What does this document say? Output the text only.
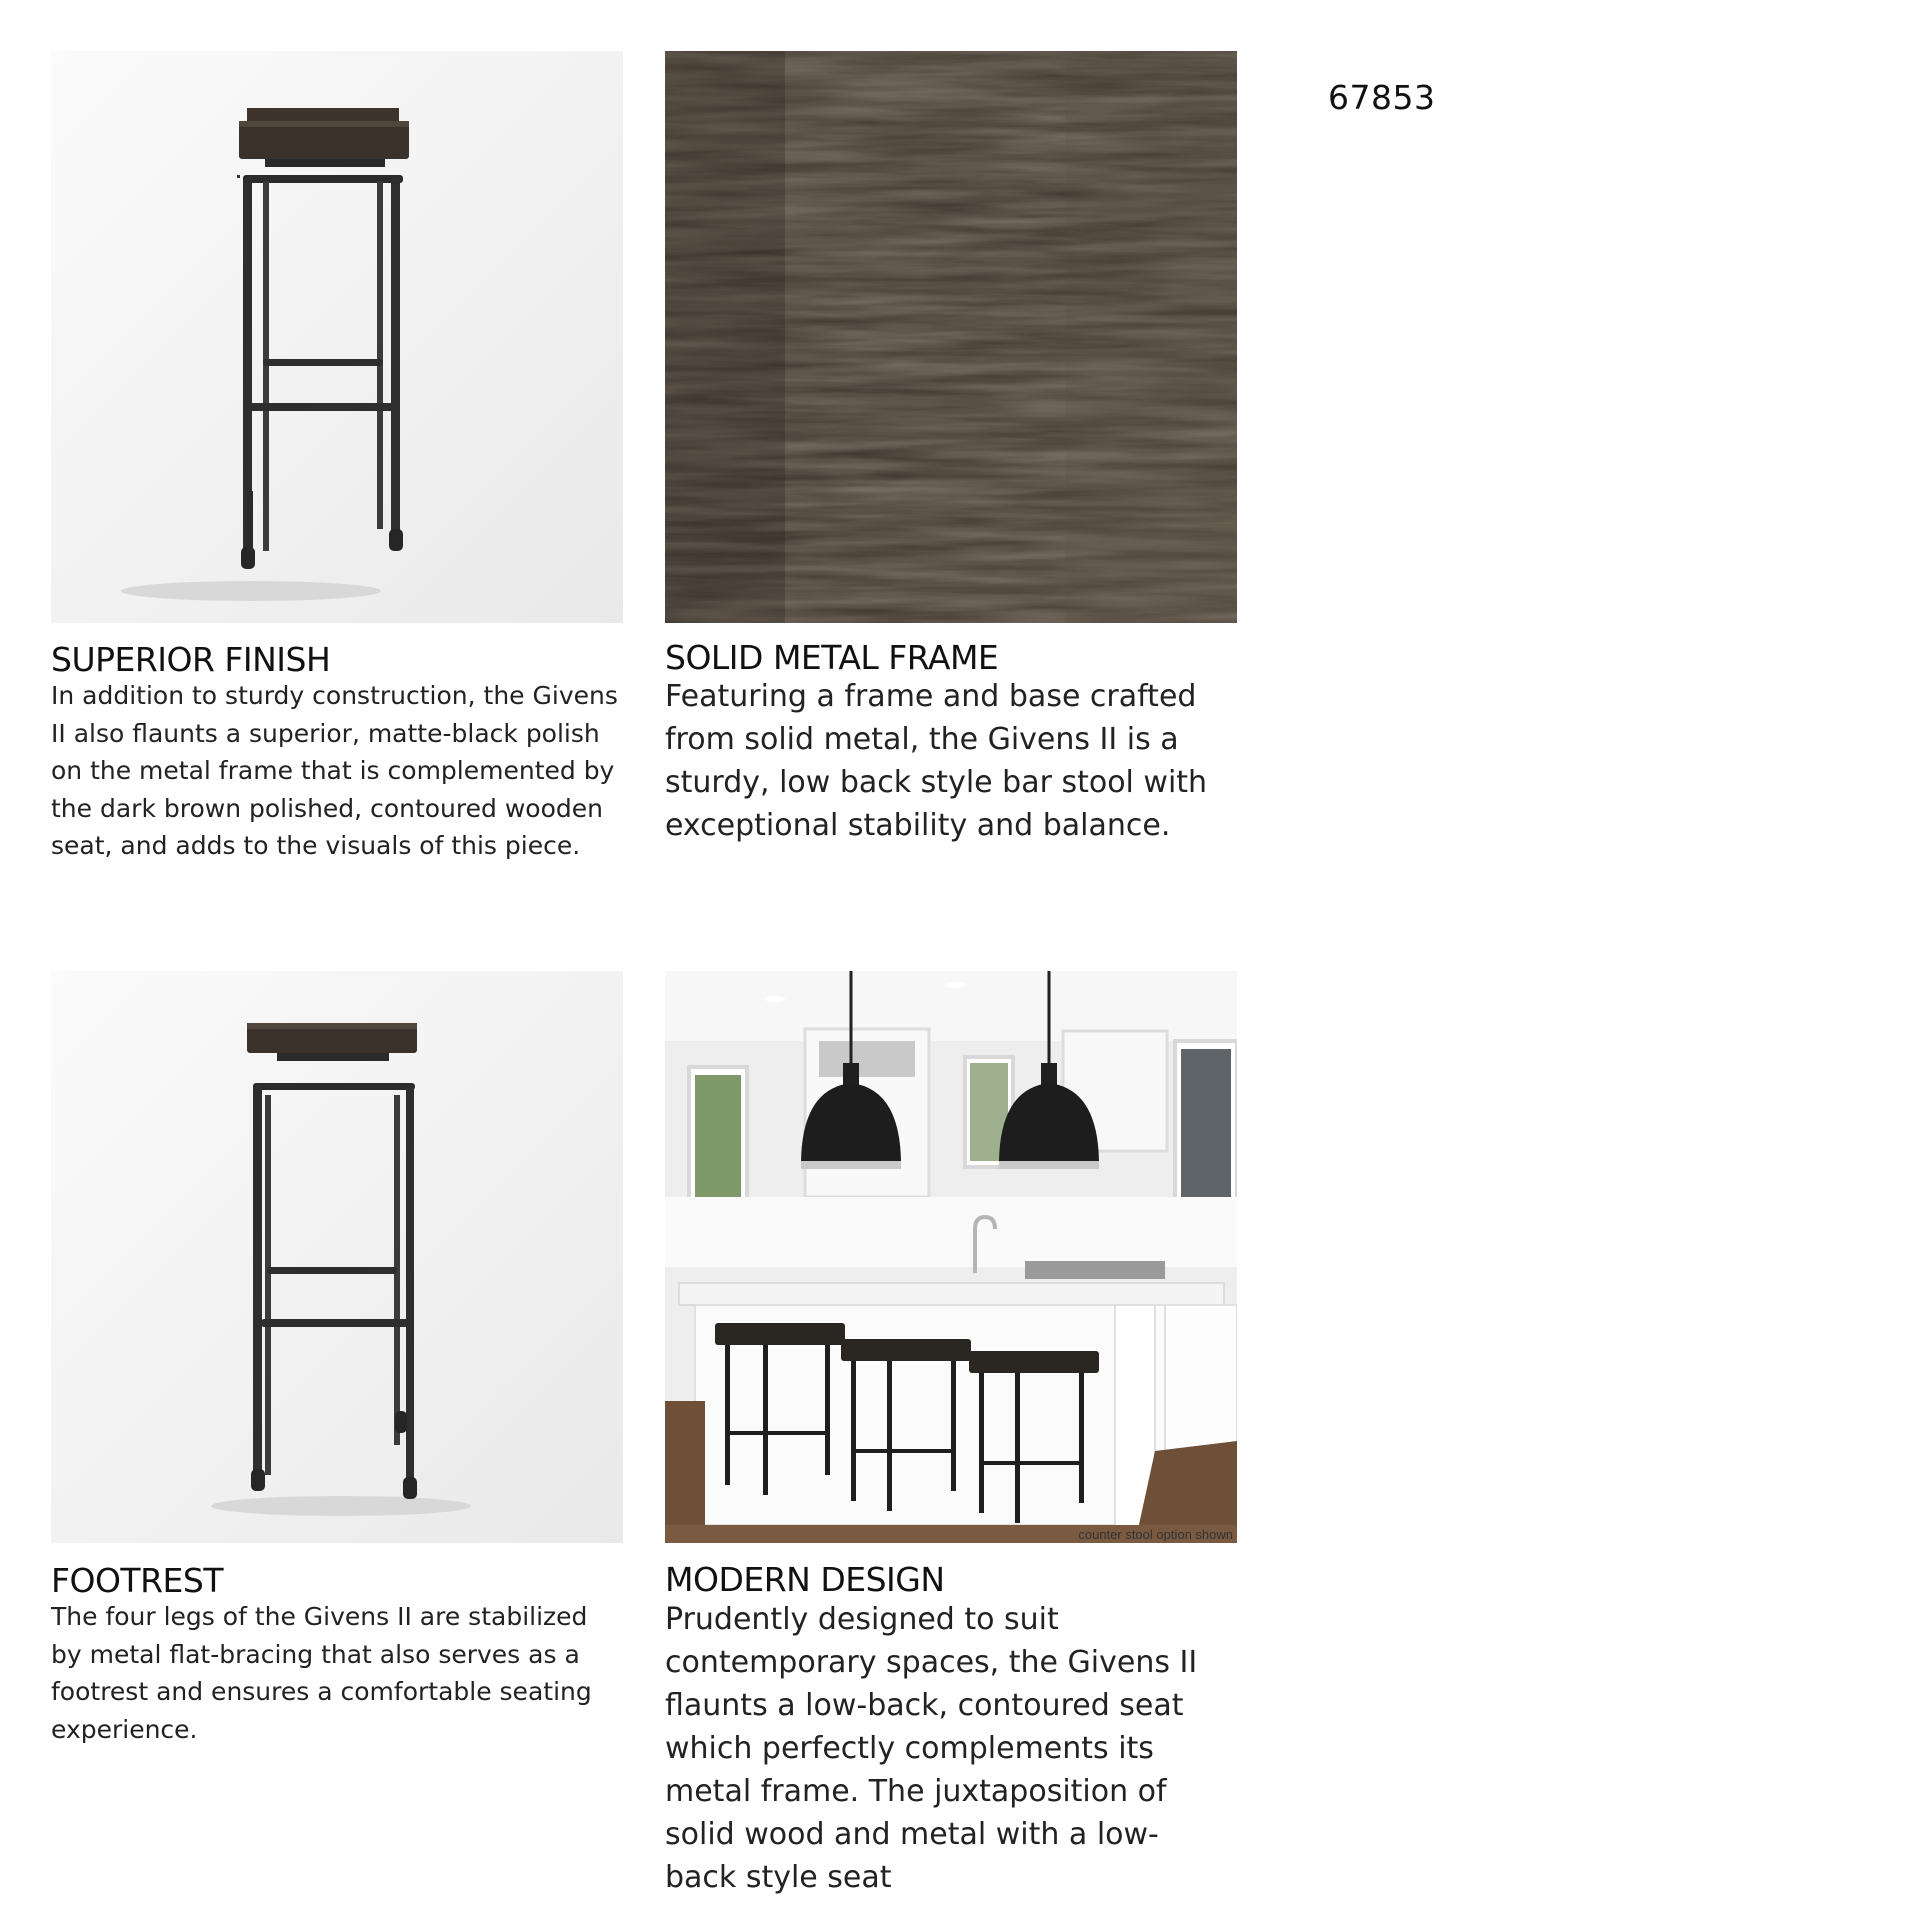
67853
SUPERIOR FINISH

In addition to sturdy construction, the Givens II also flaunts a superior, matte-black polish on the metal frame that is complemented by the dark brown polished, contoured wooden seat, and adds to the visuals of this piece.

SOLID METAL FRAME

Featuring a frame and base crafted from solid metal, the Givens II is a sturdy, low back style bar stool with exceptional stability and balance.

FOOTREST

The four legs of the Givens II are stabilized by metal flat-bracing that also serves as a footrest and ensures a comfortable seating experience.

counter stool option shown
MODERN DESIGN

Prudently designed to suit contemporary spaces, the Givens II flaunts a low-back, contoured seat which perfectly complements its metal frame. The juxtaposition of solid wood and metal with a low-back style seat
